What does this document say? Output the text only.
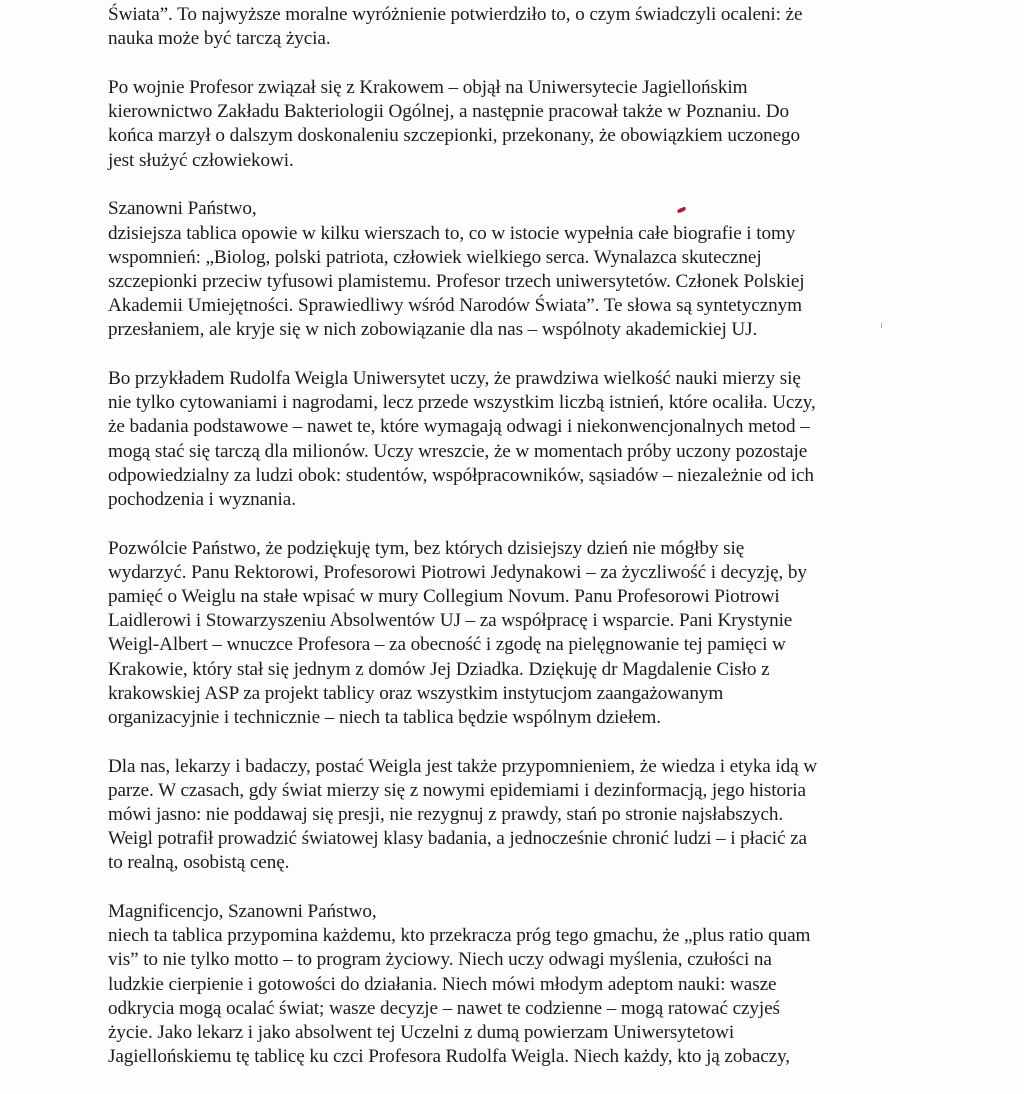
Świata”. To najwyższe moralne wyróżnienie potwierdziło to, o czym świadczyli ocaleni: że
nauka może być tarczą życia.
Po wojnie Profesor związał się z Krakowem – objął na Uniwersytecie Jagiellońskim
kierownictwo Zakładu Bakteriologii Ogólnej, a następnie pracował także w Poznaniu. Do
końca marzył o dalszym doskonaleniu szczepionki, przekonany, że obowiązkiem uczonego
jest służyć człowiekowi.
Szanowni Państwo,
dzisiejsza tablica opowie w kilku wierszach to, co w istocie wypełnia całe biografie i tomy
wspomnień: „Biolog, polski patriota, człowiek wielkiego serca. Wynalazca skutecznej
szczepionki przeciw tyfusowi plamistemu. Profesor trzech uniwersytetów. Członek Polskiej
Akademii Umiejętności. Sprawiedliwy wśród Narodów Świata”. Te słowa są syntetycznym
przesłaniem, ale kryje się w nich zobowiązanie dla nas – wspólnoty akademickiej UJ.
Bo przykładem Rudolfa Weigla Uniwersytet uczy, że prawdziwa wielkość nauki mierzy się
nie tylko cytowaniami i nagrodami, lecz przede wszystkim liczbą istnień, które ocaliła. Uczy,
że badania podstawowe – nawet te, które wymagają odwagi i niekonwencjonalnych metod –
mogą stać się tarczą dla milionów. Uczy wreszcie, że w momentach próby uczony pozostaje
odpowiedzialny za ludzi obok: studentów, współpracowników, sąsiadów – niezależnie od ich
pochodzenia i wyznania.
Pozwólcie Państwo, że podziękuję tym, bez których dzisiejszy dzień nie mógłby się
wydarzyć. Panu Rektorowi, Profesorowi Piotrowi Jedynakowi – za życzliwość i decyzję, by
pamięć o Weiglu na stałe wpisać w mury Collegium Novum. Panu Profesorowi Piotrowi
Laidlerowi i Stowarzyszeniu Absolwentów UJ – za współpracę i wsparcie. Pani Krystynie
Weigl-Albert – wnuczce Profesora – za obecność i zgodę na pielęgnowanie tej pamięci w
Krakowie, który stał się jednym z domów Jej Dziadka. Dziękuję dr Magdalenie Cisło z
krakowskiej ASP za projekt tablicy oraz wszystkim instytucjom zaangażowanym
organizacyjnie i technicznie – niech ta tablica będzie wspólnym dziełem.
Dla nas, lekarzy i badaczy, postać Weigla jest także przypomnieniem, że wiedza i etyka idą w
parze. W czasach, gdy świat mierzy się z nowymi epidemiami i dezinformacją, jego historia
mówi jasno: nie poddawaj się presji, nie rezygnuj z prawdy, stań po stronie najsłabszych.
Weigl potrafił prowadzić światowej klasy badania, a jednocześnie chronić ludzi – i płacić za
to realną, osobistą cenę.
Magnificencjo, Szanowni Państwo,
niech ta tablica przypomina każdemu, kto przekracza próg tego gmachu, że „plus ratio quam
vis” to nie tylko motto – to program życiowy. Niech uczy odwagi myślenia, czułości na
ludzkie cierpienie i gotowości do działania. Niech mówi młodym adeptom nauki: wasze
odkrycia mogą ocalać świat; wasze decyzje – nawet te codzienne – mogą ratować czyjeś
życie. Jako lekarz i jako absolwent tej Uczelni z dumą powierzam Uniwersytetowi
Jagiellońskiemu tę tablicę ku czci Profesora Rudolfa Weigla. Niech każdy, kto ją zobaczy,
